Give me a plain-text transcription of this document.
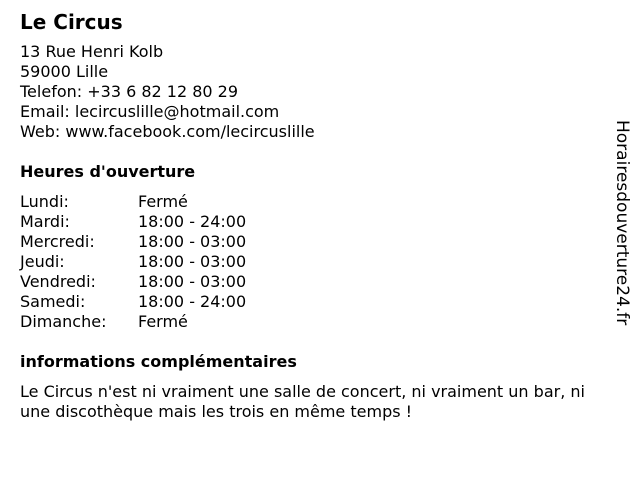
Le Circus
13 Rue Henri Kolb
59000 Lille
Telefon: +33 6 82 12 80 29
Email: lecircuslille@hotmail.com
Web: www.facebook.com/lecircuslille
Heures d'ouverture
Lundi:	Fermé
Mardi:	18:00 - 24:00
Mercredi:	18:00 - 03:00
Jeudi:	18:00 - 03:00
Vendredi:	18:00 - 03:00
Samedi:	18:00 - 24:00
Dimanche:	Fermé
informations complémentaires

Le Circus n'est ni vraiment une salle de concert, ni vraiment un bar, ni une discothèque mais les trois en même temps !

Horairesdouverture24.fr
